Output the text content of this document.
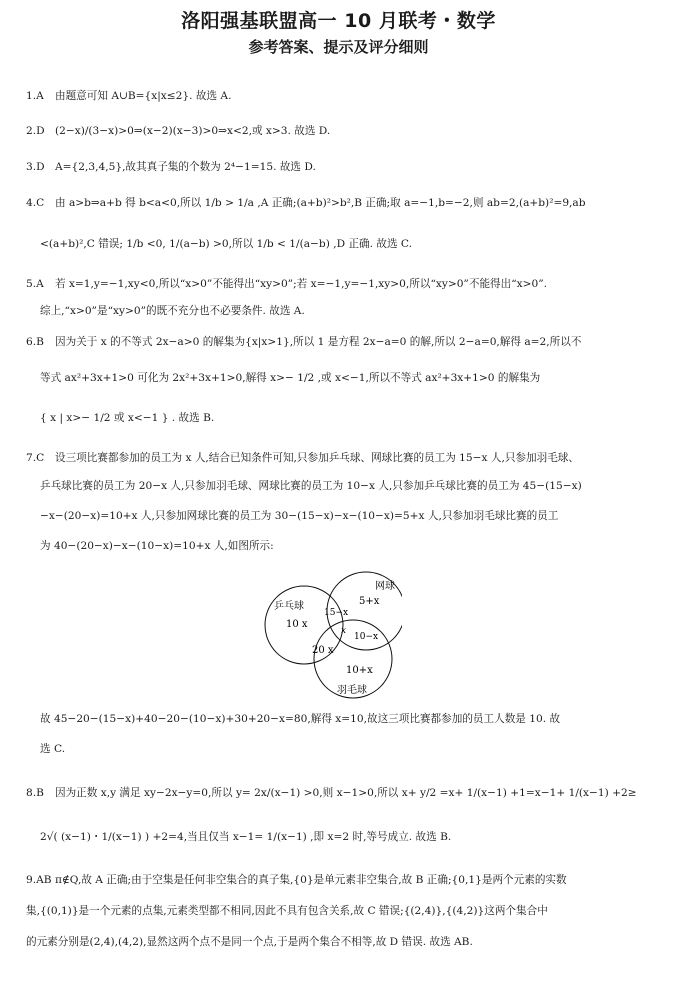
洛阳强基联盟高一 10 月联考・数学
参考答案、提示及评分细则
1.A 由题意可知 A∪B={x|x≤2}. 故选 A.
2.D (2−x)/(3−x)>0⇒(x−2)(x−3)>0⇒x<2,或 x>3. 故选 D.
3.D A={2,3,4,5},故其真子集的个数为 2⁴−1=15. 故选 D.
4.C 由 a>b⇒a+b 得 b<a<0,所以 1/b > 1/a ,A 正确;(a+b)²>b²,B 正确;取 a=−1,b=−2,则 ab=2,(a+b)²=9,ab
<(a+b)²,C 错误; 1/b <0, 1/(a−b) >0,所以 1/b < 1/(a−b) ,D 正确. 故选 C.
5.A 若 x=1,y=−1,xy<0,所以“x>0”不能得出“xy>0”;若 x=−1,y=−1,xy>0,所以“xy>0”不能得出“x>0”.
综上,“x>0”是“xy>0”的既不充分也不必要条件. 故选 A.
6.B 因为关于 x 的不等式 2x−a>0 的解集为{x|x>1},所以 1 是方程 2x−a=0 的解,所以 2−a=0,解得 a=2,所以不
等式 ax²+3x+1>0 可化为 2x²+3x+1>0,解得 x>− 1/2 ,或 x<−1,所以不等式 ax²+3x+1>0 的解集为
{ x | x>− 1/2 或 x<−1 } . 故选 B.
7.C 设三项比赛都参加的员工为 x 人,结合已知条件可知,只参加乒乓球、网球比赛的员工为 15−x 人,只参加羽毛球、
乒乓球比赛的员工为 20−x 人,只参加羽毛球、网球比赛的员工为 10−x 人,只参加乒乓球比赛的员工为 45−(15−x)
−x−(20−x)=10+x 人,只参加网球比赛的员工为 30−(15−x)−x−(10−x)=5+x 人,只参加羽毛球比赛的员工
为 40−(20−x)−x−(10−x)=10+x 人,如图所示:
乒乓球
网球
羽毛球
10 x
5+x
10+x
15−x
10−x
20 x
x
故 45−20−(15−x)+40−20−(10−x)+30+20−x=80,解得 x=10,故这三项比赛都参加的员工人数是 10. 故
选 C.
8.B 因为正数 x,y 满足 xy−2x−y=0,所以 y= 2x/(x−1) >0,则 x−1>0,所以 x+ y/2 =x+ 1/(x−1) +1=x−1+ 1/(x−1) +2≥
2√( (x−1)・1/(x−1) ) +2=4,当且仅当 x−1= 1/(x−1) ,即 x=2 时,等号成立. 故选 B.
9.AB π∉Q,故 A 正确;由于空集是任何非空集合的真子集,{0}是单元素非空集合,故 B 正确;{0,1}是两个元素的实数
集,{(0,1)}是一个元素的点集,元素类型都不相同,因此不具有包含关系,故 C 错误;{(2,4)},{(4,2)}这两个集合中
的元素分别是(2,4),(4,2),显然这两个点不是同一个点,于是两个集合不相等,故 D 错误. 故选 AB.
